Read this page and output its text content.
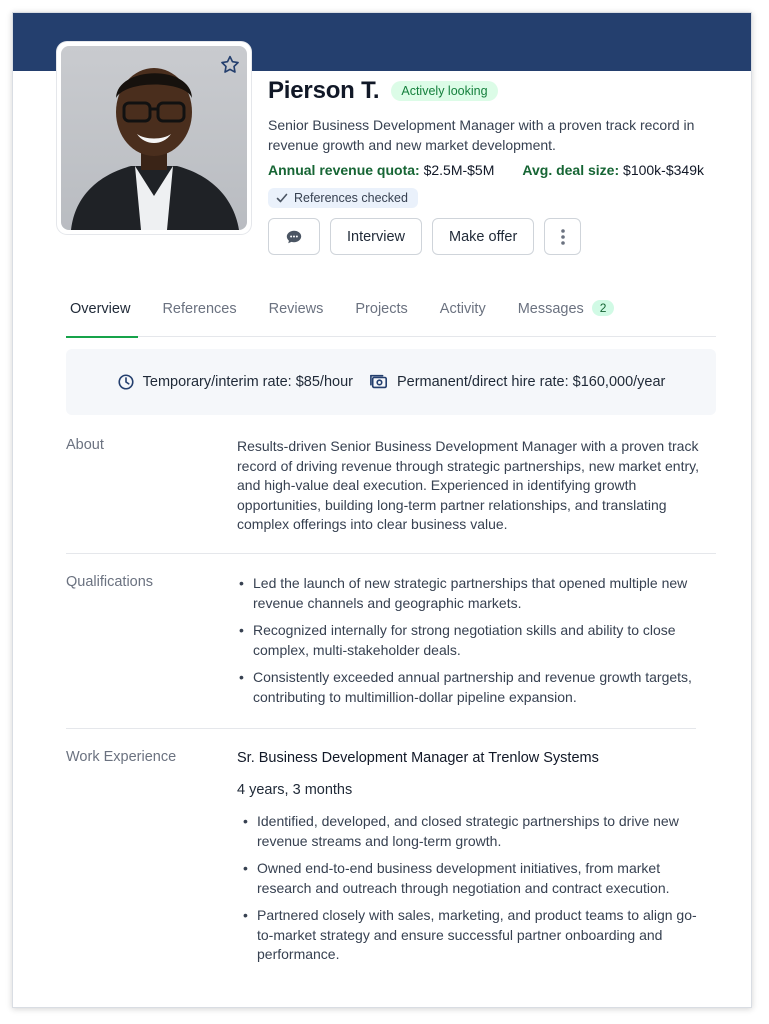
Pierson T.	Actively looking
Senior Business Development Manager with a proven track record in revenue growth and new market development.
Annual revenue quota: $2.5M-$5M Avg. deal size: $100k-$349k
References checked
Interview	Make offer
Overview References Reviews Projects Activity Messages	2
Temporary/interim rate: $85/hour	Permanent/direct hire rate: $160,000/year
About	Results-driven Senior Business Development Manager with a proven track record of driving revenue through strategic partnerships, new market entry, and high-value deal execution. Experienced in identifying growth opportunities, building long-term partner relationships, and translating complex offerings into clear business value.
Qualifications
•	Led the launch of new strategic partnerships that opened multiple new revenue channels and geographic markets.
• Recognized internally for strong negotiation skills and ability to close complex, multi-stakeholder deals.
• Consistently exceeded annual partnership and revenue growth targets, contributing to multimillion-dollar pipeline expansion.
Work Experience	Sr. Business Development Manager at Trenlow Systems
4 years, 3 months
• Identified, developed, and closed strategic partnerships to drive new revenue streams and long-term growth.
• Owned end-to-end business development initiatives, from market research and outreach through negotiation and contract execution.
• Partnered closely with sales, marketing, and product teams to align go-to-market strategy and ensure successful partner onboarding and performance.
